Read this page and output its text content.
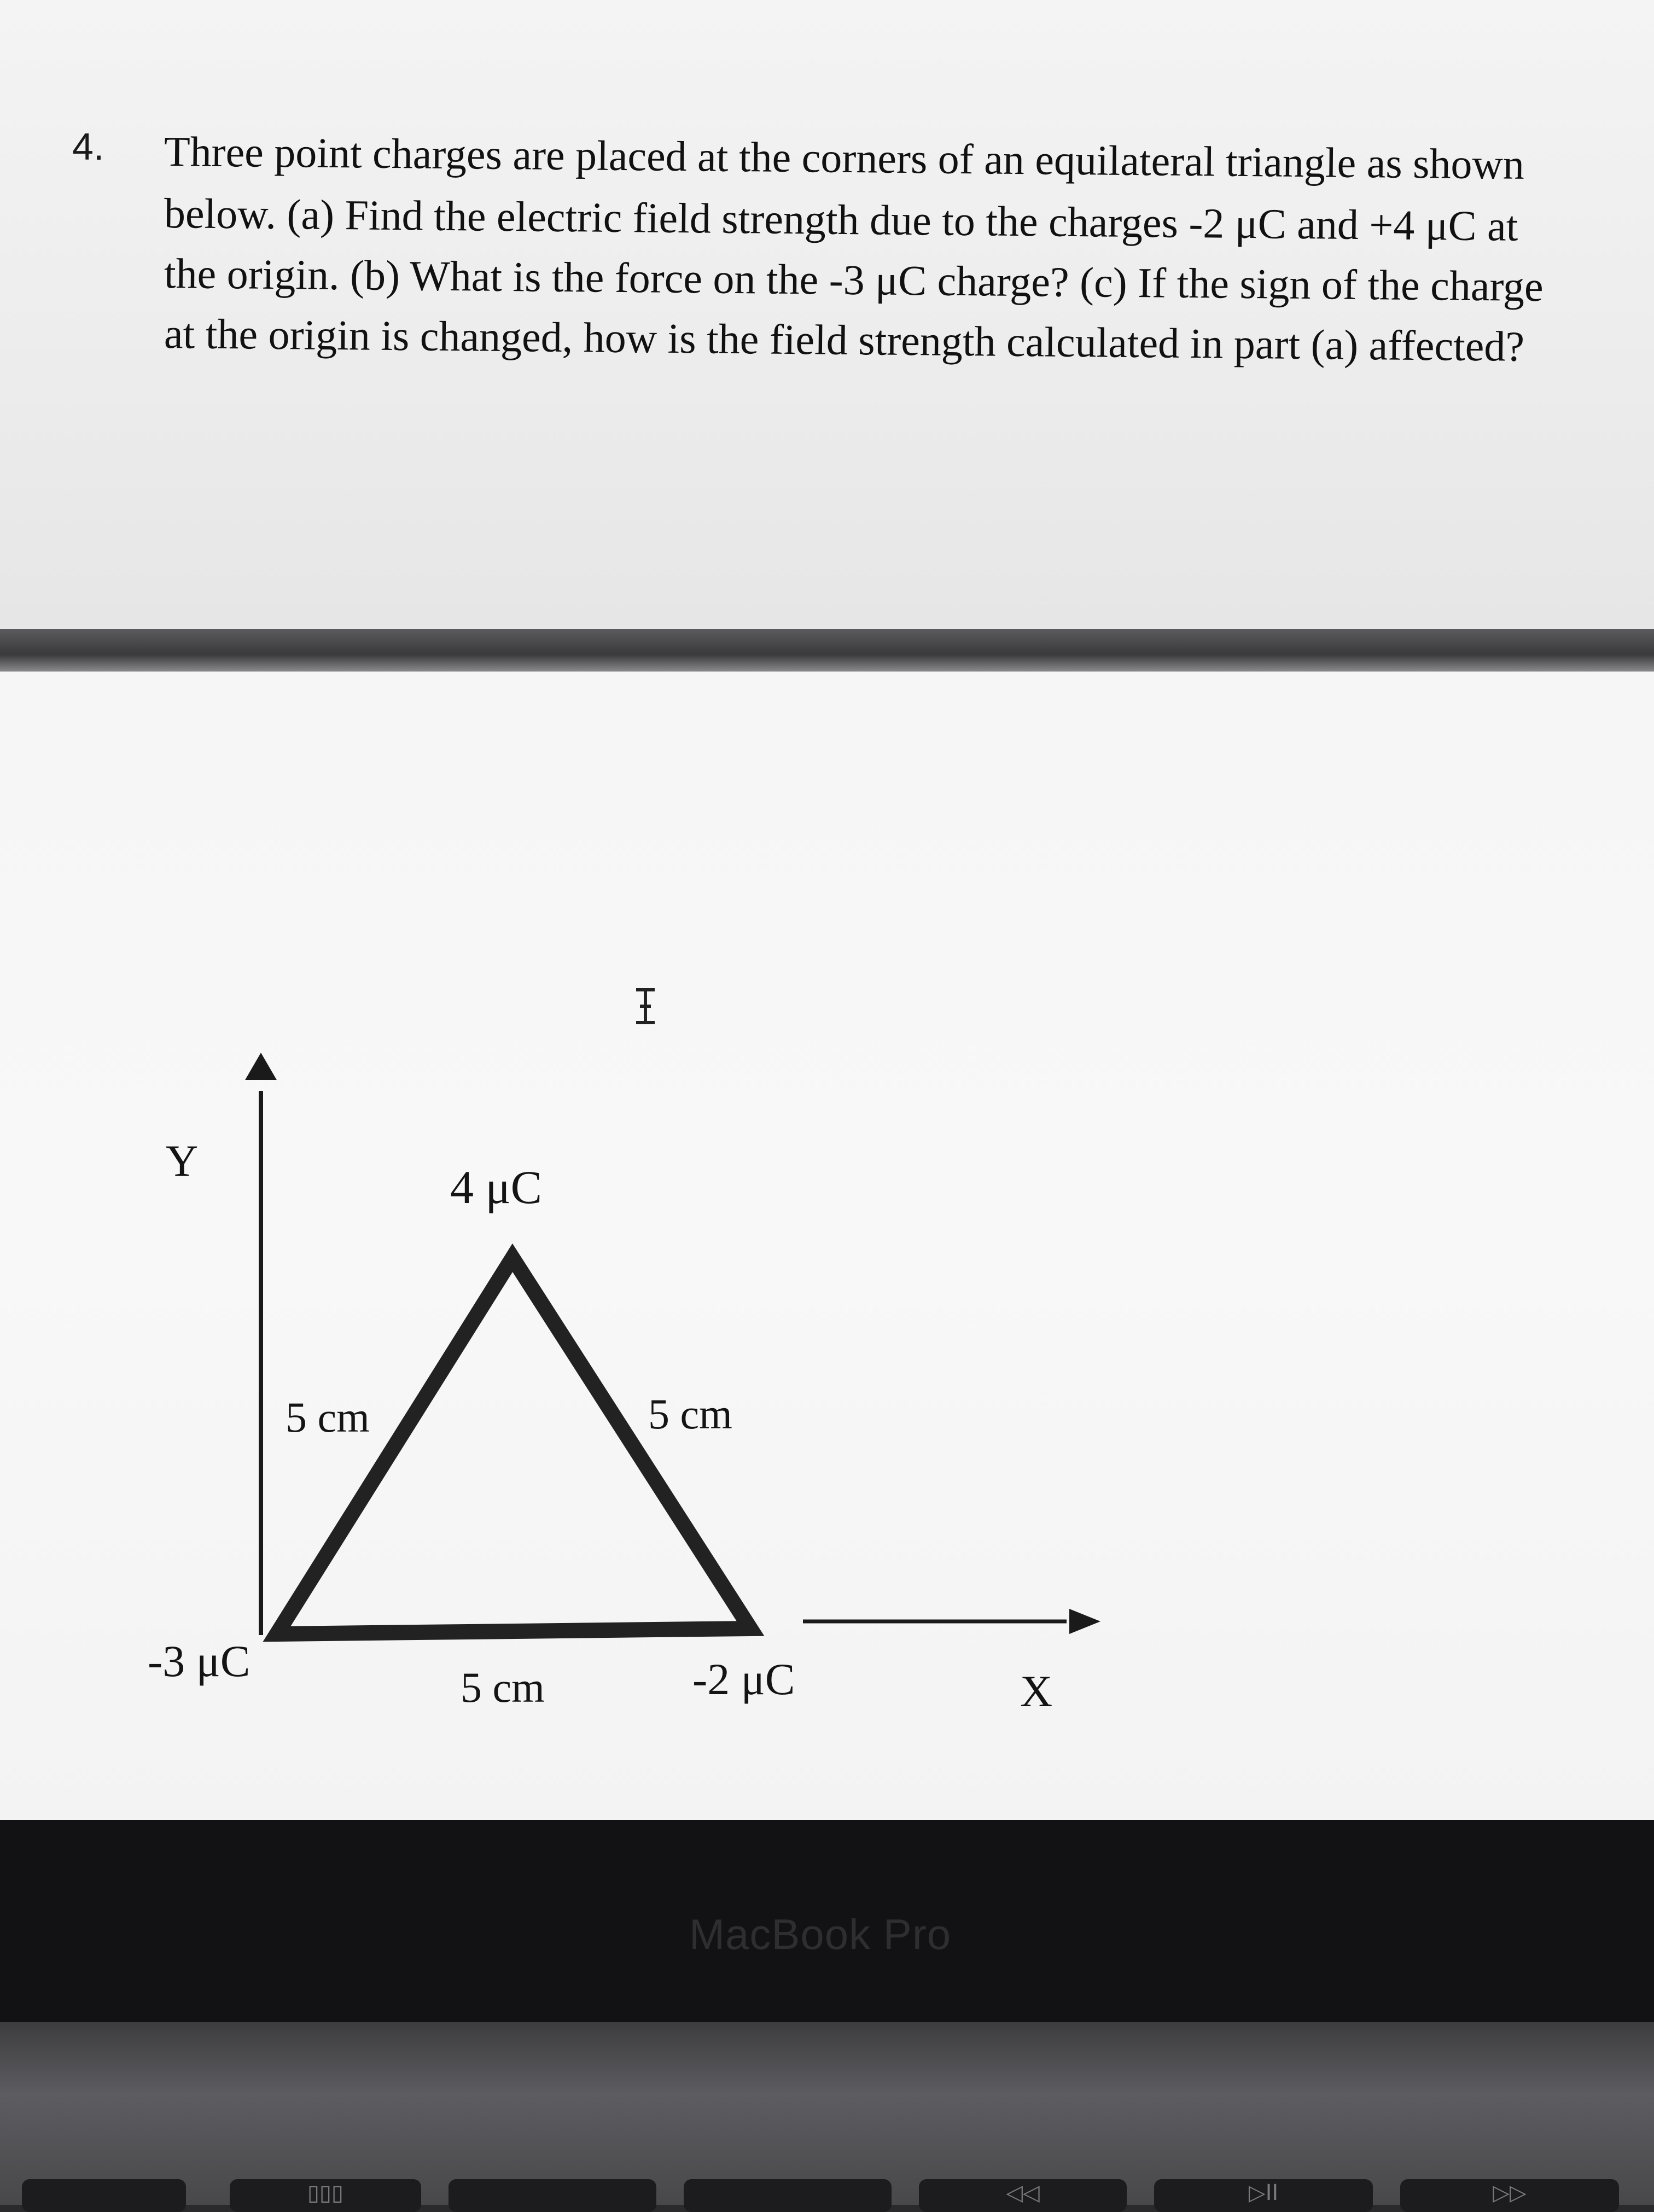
4. Three point charges are placed at the corners of an equilateral triangle as shown
below. (a) Find the electric field strength due to the charges -2 μC and +4 μC at
the origin. (b) What is the force on the -3 μC charge? (c) If the sign of the charge
at the origin is changed, how is the field strength calculated in part (a) affected?
Y
X
4 μC
-3 μC	-2 μC
5 cm	5 cm
5 cm
MacBook Pro
▯▯▯	◁◁	▷II	▷▷
